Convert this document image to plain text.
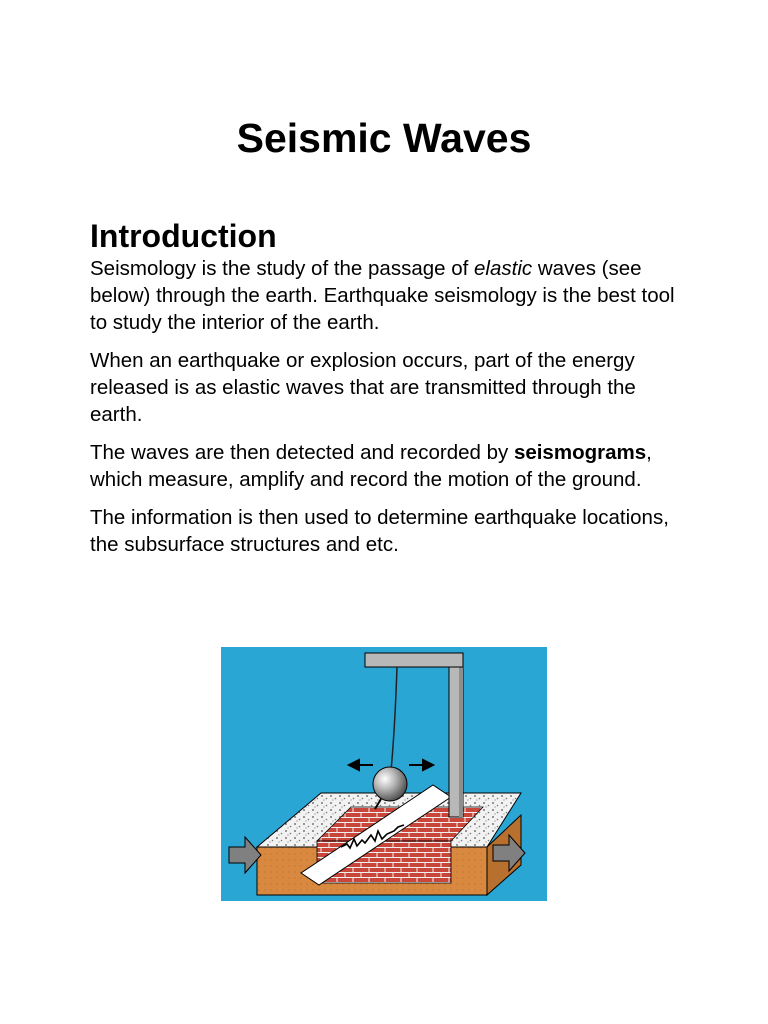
Seismic Waves
Introduction

Seismology is the study of the passage of elastic waves (see below) through the earth. Earthquake seismology is the best tool to study the interior of the earth.

When an earthquake or explosion occurs, part of the energy released is as elastic waves that are transmitted through the earth.

The waves are then detected and recorded by seismograms, which measure, amplify and record the motion of the ground.

The information is then used to determine earthquake locations, the subsurface structures and etc.
